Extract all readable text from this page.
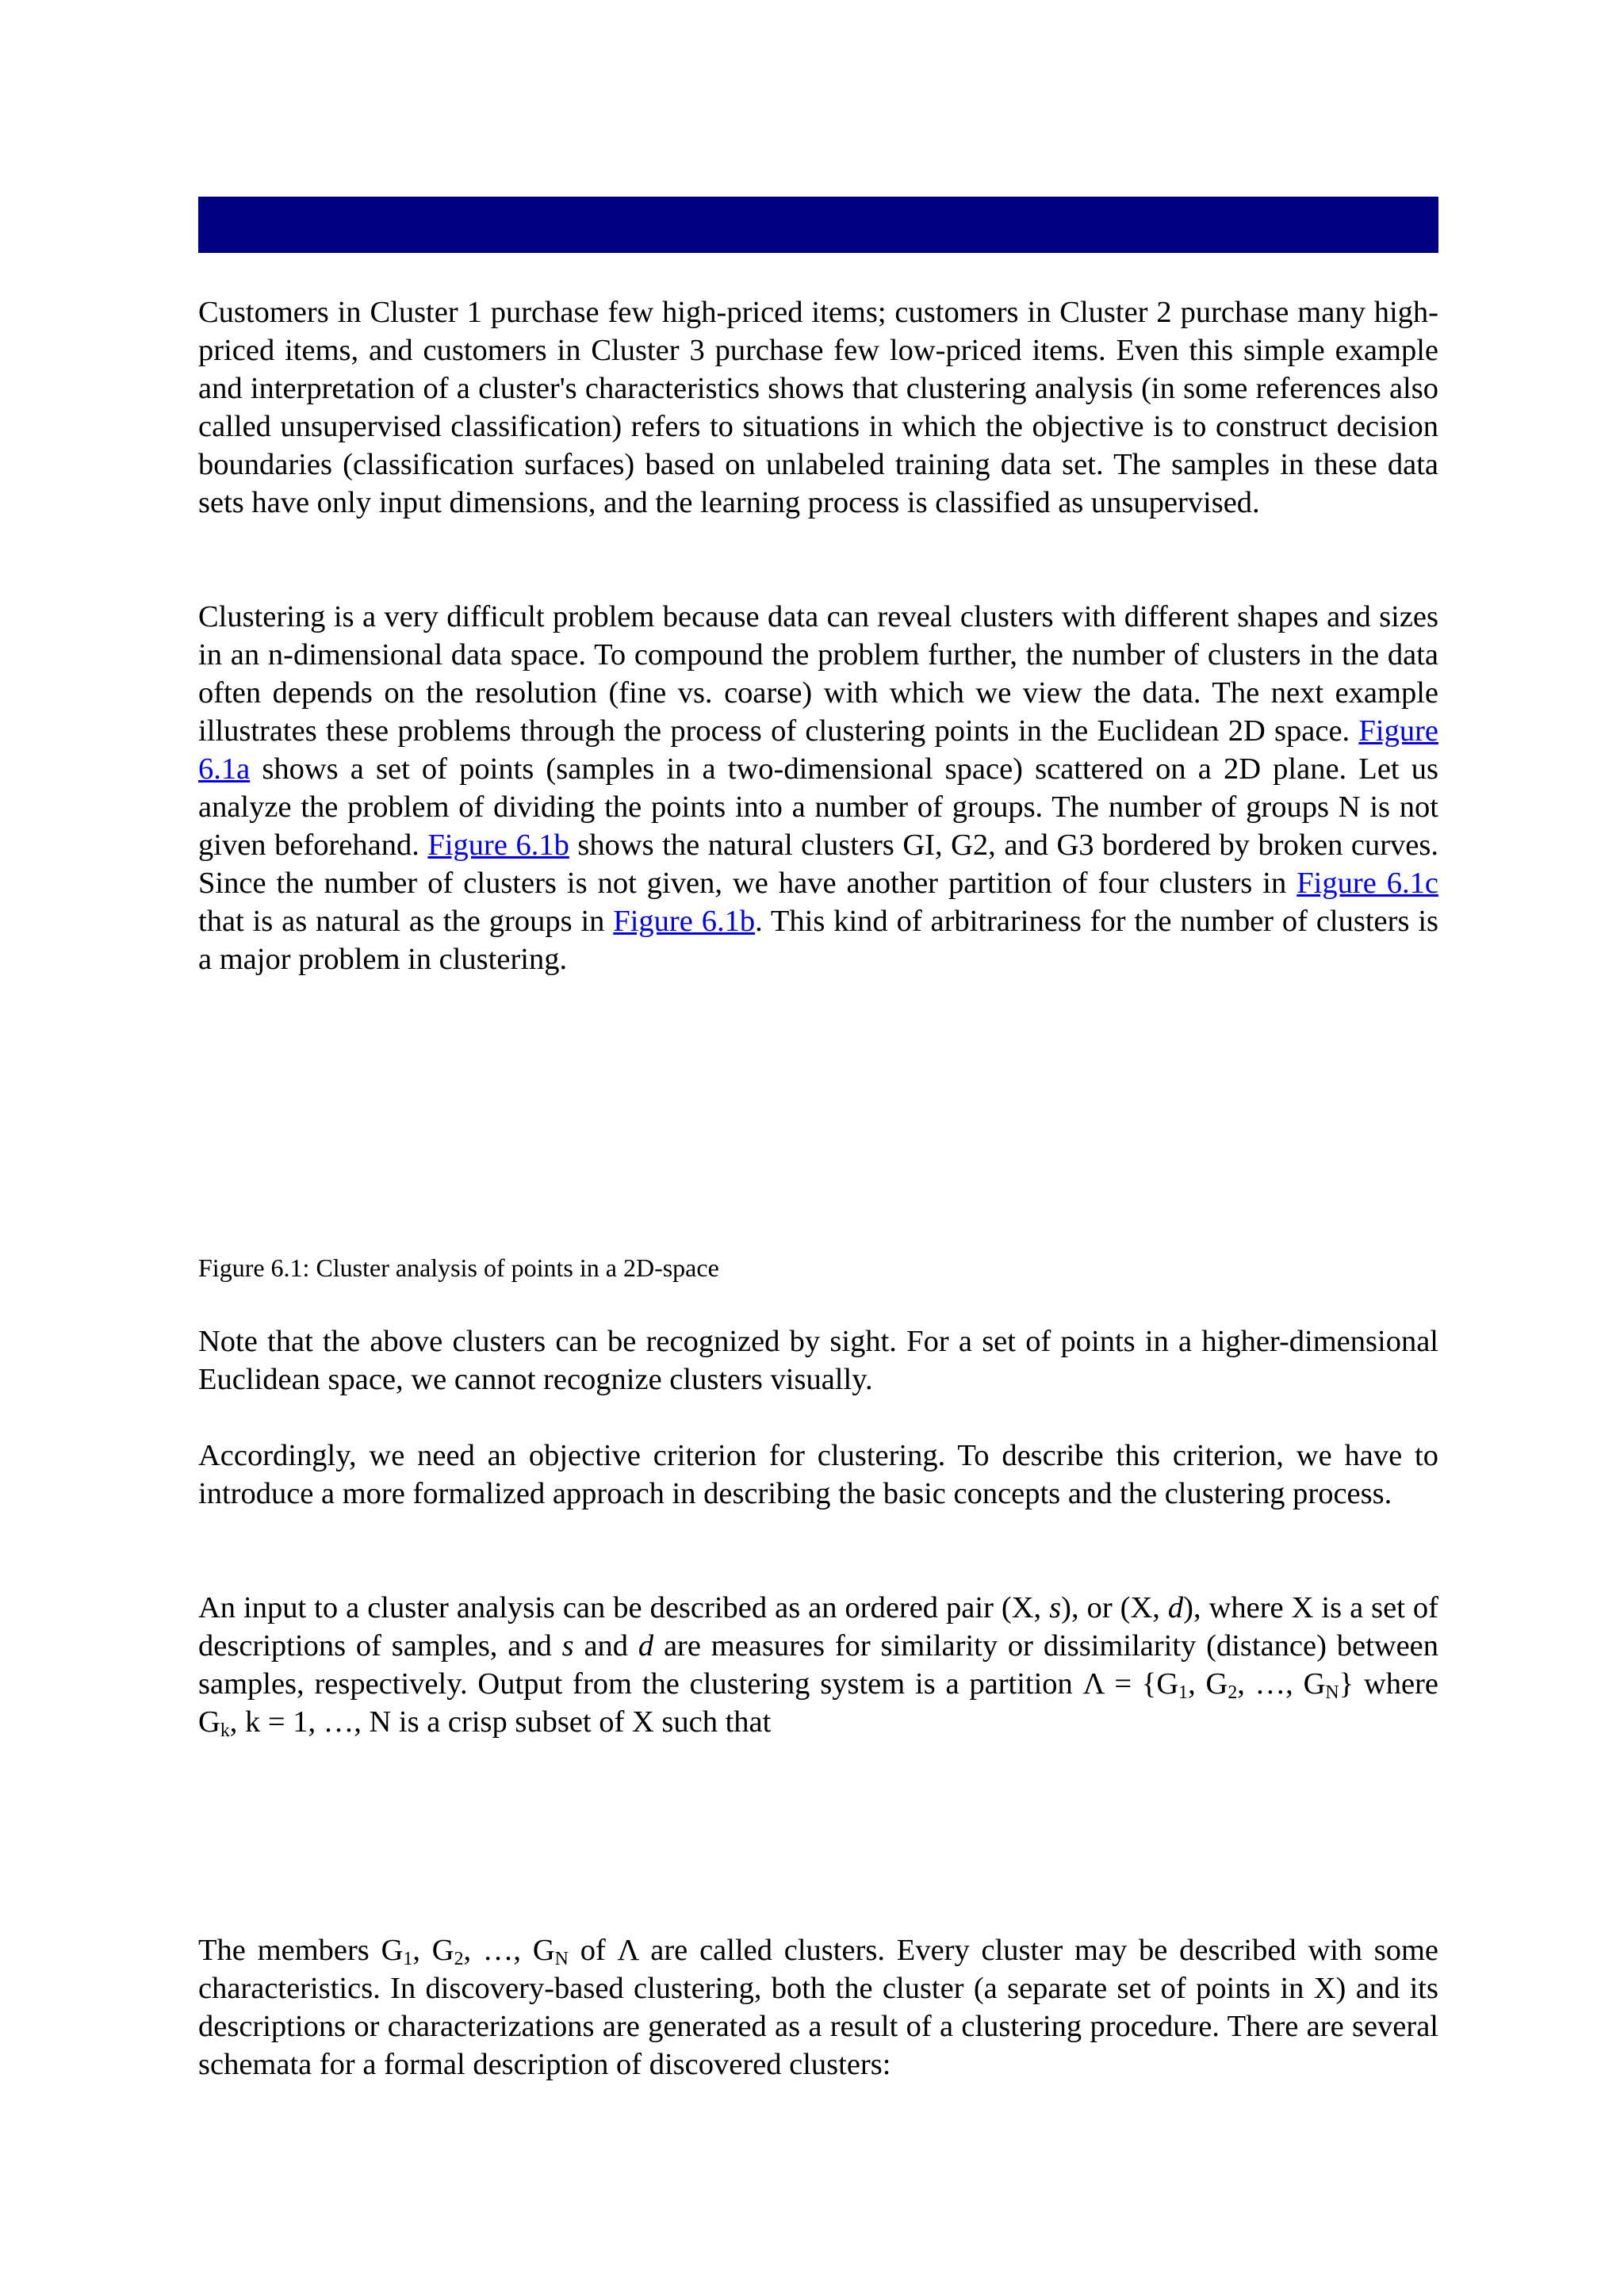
Customers in Cluster 1 purchase few high-priced items; customers in Cluster 2 purchase many high-priced items, and customers in Cluster 3 purchase few low-priced items. Even this simple example and interpretation of a cluster's characteristics shows that clustering analysis (in some references also called unsupervised classification) refers to situations in which the objective is to construct decision boundaries (classification surfaces) based on unlabeled training data set. The samples in these data sets have only input dimensions, and the learning process is classified as unsupervised.

Clustering is a very difficult problem because data can reveal clusters with different shapes and sizes in an n-dimensional data space. To compound the problem further, the number of clusters in the data often depends on the resolution (fine vs. coarse) with which we view the data. The next example illustrates these problems through the process of clustering points in the Euclidean 2D space. Figure 6.1a shows a set of points (samples in a two-dimensional space) scattered on a 2D plane. Let us analyze the problem of dividing the points into a number of groups. The number of groups N is not given beforehand. Figure 6.1b shows the natural clusters GI, G2, and G3 bordered by broken curves. Since the number of clusters is not given, we have another partition of four clusters in Figure 6.1c that is as natural as the groups in Figure 6.1b. This kind of arbitrariness for the number of clusters is a major problem in clustering.

Figure 6.1: Cluster analysis of points in a 2D-space

Note that the above clusters can be recognized by sight. For a set of points in a higher-dimensional Euclidean space, we cannot recognize clusters visually.

Accordingly, we need an objective criterion for clustering. To describe this criterion, we have to introduce a more formalized approach in describing the basic concepts and the clustering process.

An input to a cluster analysis can be described as an ordered pair (X, s), or (X, d), where X is a set of descriptions of samples, and s and d are measures for similarity or dissimilarity (distance) between samples, respectively. Output from the clustering system is a partition $\Lambda = \{G_1$, $G_2$, …, $G_N$} where $G_k$, k = 1, …, N is a crisp subset of X such that

The members $G_1$, $G_2$, …, $G_N$ of Λ are called clusters. Every cluster may be described with some characteristics. In discovery-based clustering, both the cluster (a separate set of points in X) and its descriptions or characterizations are generated as a result of a clustering procedure. There are several schemata for a formal description of discovered clusters:
